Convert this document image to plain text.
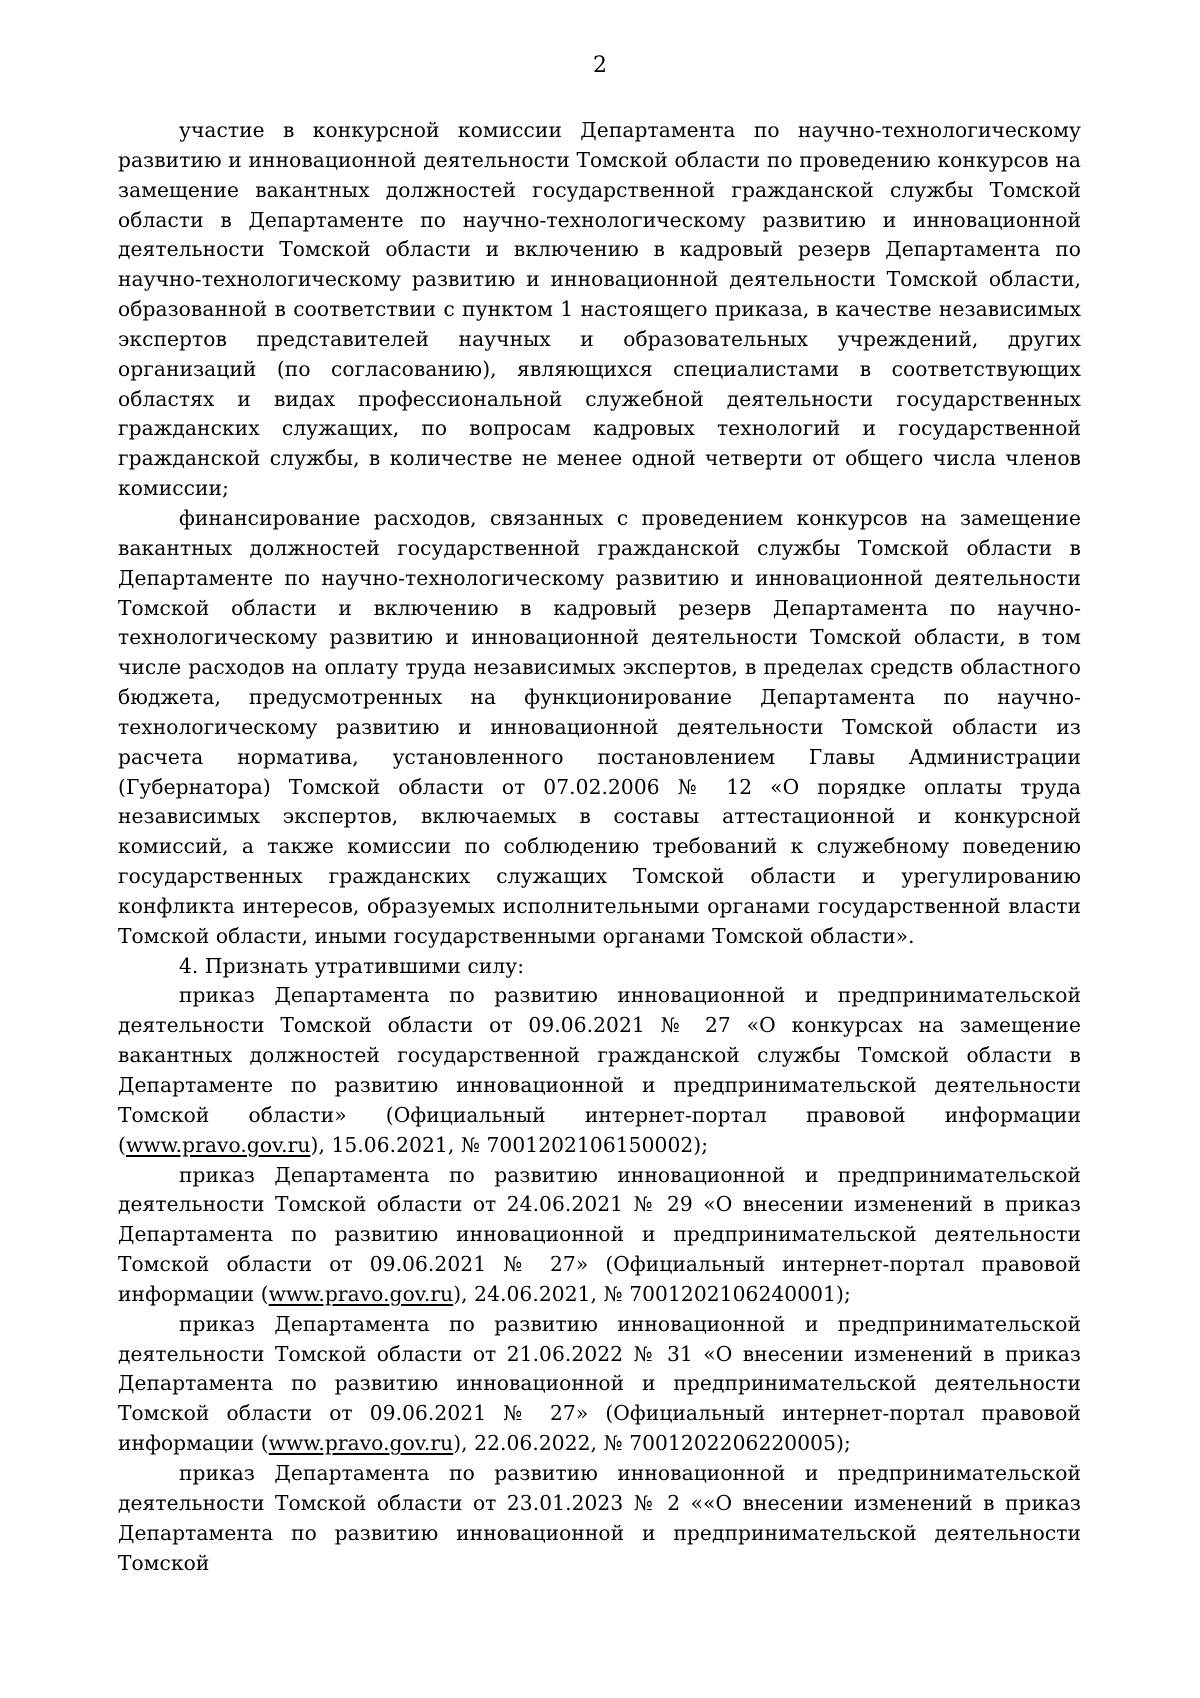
2

участие в конкурсной комиссии Департамента по научно-технологическому развитию и инновационной деятельности Томской области по проведению конкурсов на замещение вакантных должностей государственной гражданской службы Томской области в Департаменте по научно-технологическому развитию и инновационной деятельности Томской области и включению в кадровый резерв Департамента по научно-технологическому развитию и инновационной деятельности Томской области, образованной в соответствии с пунктом 1 настоящего приказа, в качестве независимых экспертов представителей научных и образовательных учреждений, других организаций (по согласованию), являющихся специалистами в соответствующих областях и видах профессиональной служебной деятельности государственных гражданских служащих, по вопросам кадровых технологий и государственной гражданской службы, в количестве не менее одной четверти от общего числа членов комиссии;

финансирование расходов, связанных с проведением конкурсов на замещение вакантных должностей государственной гражданской службы Томской области в Департаменте по научно-технологическому развитию и инновационной деятельности Томской области и включению в кадровый резерв Департамента по научно-технологическому развитию и инновационной деятельности Томской области, в том числе расходов на оплату труда независимых экспертов, в пределах средств областного бюджета, предусмотренных на функционирование Департамента по научно-технологическому развитию и инновационной деятельности Томской области из расчета норматива, установленного постановлением Главы Администрации (Губернатора) Томской области от 07.02.2006 № 12 «О порядке оплаты труда независимых экспертов, включаемых в составы аттестационной и конкурсной комиссий, а также комиссии по соблюдению требований к служебному поведению государственных гражданских служащих Томской области и урегулированию конфликта интересов, образуемых исполнительными органами государственной власти Томской области, иными государственными органами Томской области».

4. Признать утратившими силу:

приказ Департамента по развитию инновационной и предпринимательской деятельности Томской области от 09.06.2021 № 27 «О конкурсах на замещение вакантных должностей государственной гражданской службы Томской области в Департаменте по развитию инновационной и предпринимательской деятельности Томской области» (Официальный интернет-портал правовой информации (www.pravo.gov.ru), 15.06.2021, № 7001202106150002);

приказ Департамента по развитию инновационной и предпринимательской деятельности Томской области от 24.06.2021 № 29 «О внесении изменений в приказ Департамента по развитию инновационной и предпринимательской деятельности Томской области от 09.06.2021 № 27» (Официальный интернет-портал правовой информации (www.pravo.gov.ru), 24.06.2021, № 7001202106240001);

приказ Департамента по развитию инновационной и предпринимательской деятельности Томской области от 21.06.2022 № 31 «О внесении изменений в приказ Департамента по развитию инновационной и предпринимательской деятельности Томской области от 09.06.2021 № 27» (Официальный интернет-портал правовой информации (www.pravo.gov.ru), 22.06.2022, № 7001202206220005);

приказ Департамента по развитию инновационной и предпринимательской деятельности Томской области от 23.01.2023 № 2 ««О внесении изменений в приказ Департамента по развитию инновационной и предпринимательской деятельности Томской
